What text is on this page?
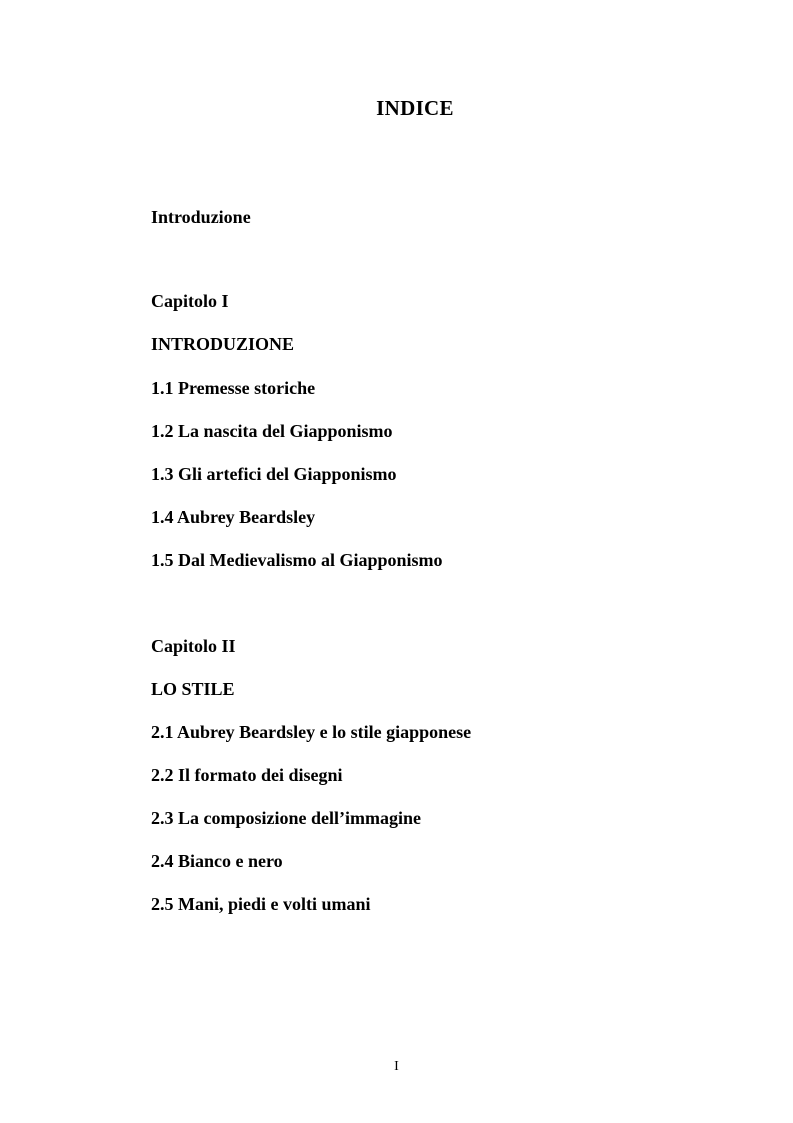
INDICE
Introduzione
Capitolo I
INTRODUZIONE
1.1 Premesse storiche
1.2 La nascita del Giapponismo
1.3 Gli artefici del Giapponismo
1.4 Aubrey Beardsley
1.5 Dal Medievalismo al Giapponismo
Capitolo II
LO STILE
2.1 Aubrey Beardsley e lo stile giapponese
2.2 Il formato dei disegni
2.3 La composizione dell’immagine
2.4 Bianco e nero
2.5 Mani, piedi e volti umani
I
